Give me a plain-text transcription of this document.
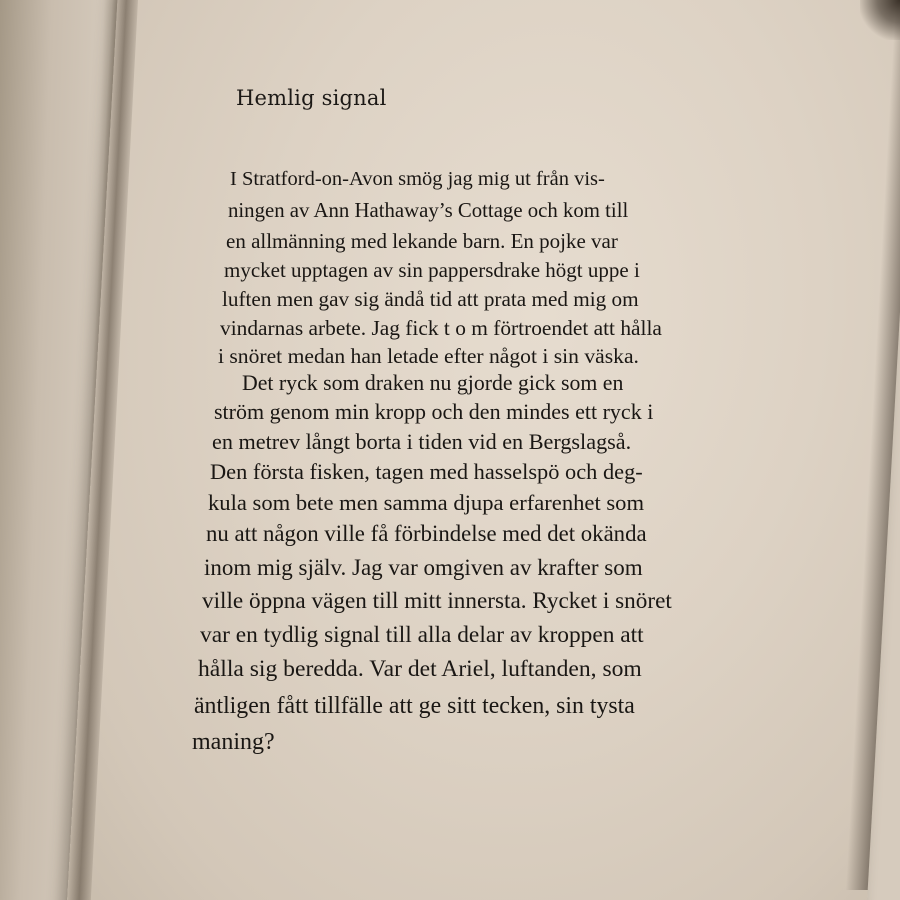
Hemlig signal

I Stratford-on-Avon smög jag mig ut från vis-

ningen av Ann Hathaway’s Cottage och kom till

en allmänning med lekande barn. En pojke var

mycket upptagen av sin pappersdrake högt uppe i

luften men gav sig ändå tid att prata med mig om

vindarnas arbete. Jag fick t o m förtroendet att hålla

i snöret medan han letade efter något i sin väska.

Det ryck som draken nu gjorde gick som en

ström genom min kropp och den mindes ett ryck i

en metrev långt borta i tiden vid en Bergslagså.

Den första fisken, tagen med hasselspö och deg-

kula som bete men samma djupa erfarenhet som

nu att någon ville få förbindelse med det okända

inom mig själv. Jag var omgiven av krafter som

ville öppna vägen till mitt innersta. Rycket i snöret

var en tydlig signal till alla delar av kroppen att

hålla sig beredda. Var det Ariel, luftanden, som

äntligen fått tillfälle att ge sitt tecken, sin tysta

maning?
